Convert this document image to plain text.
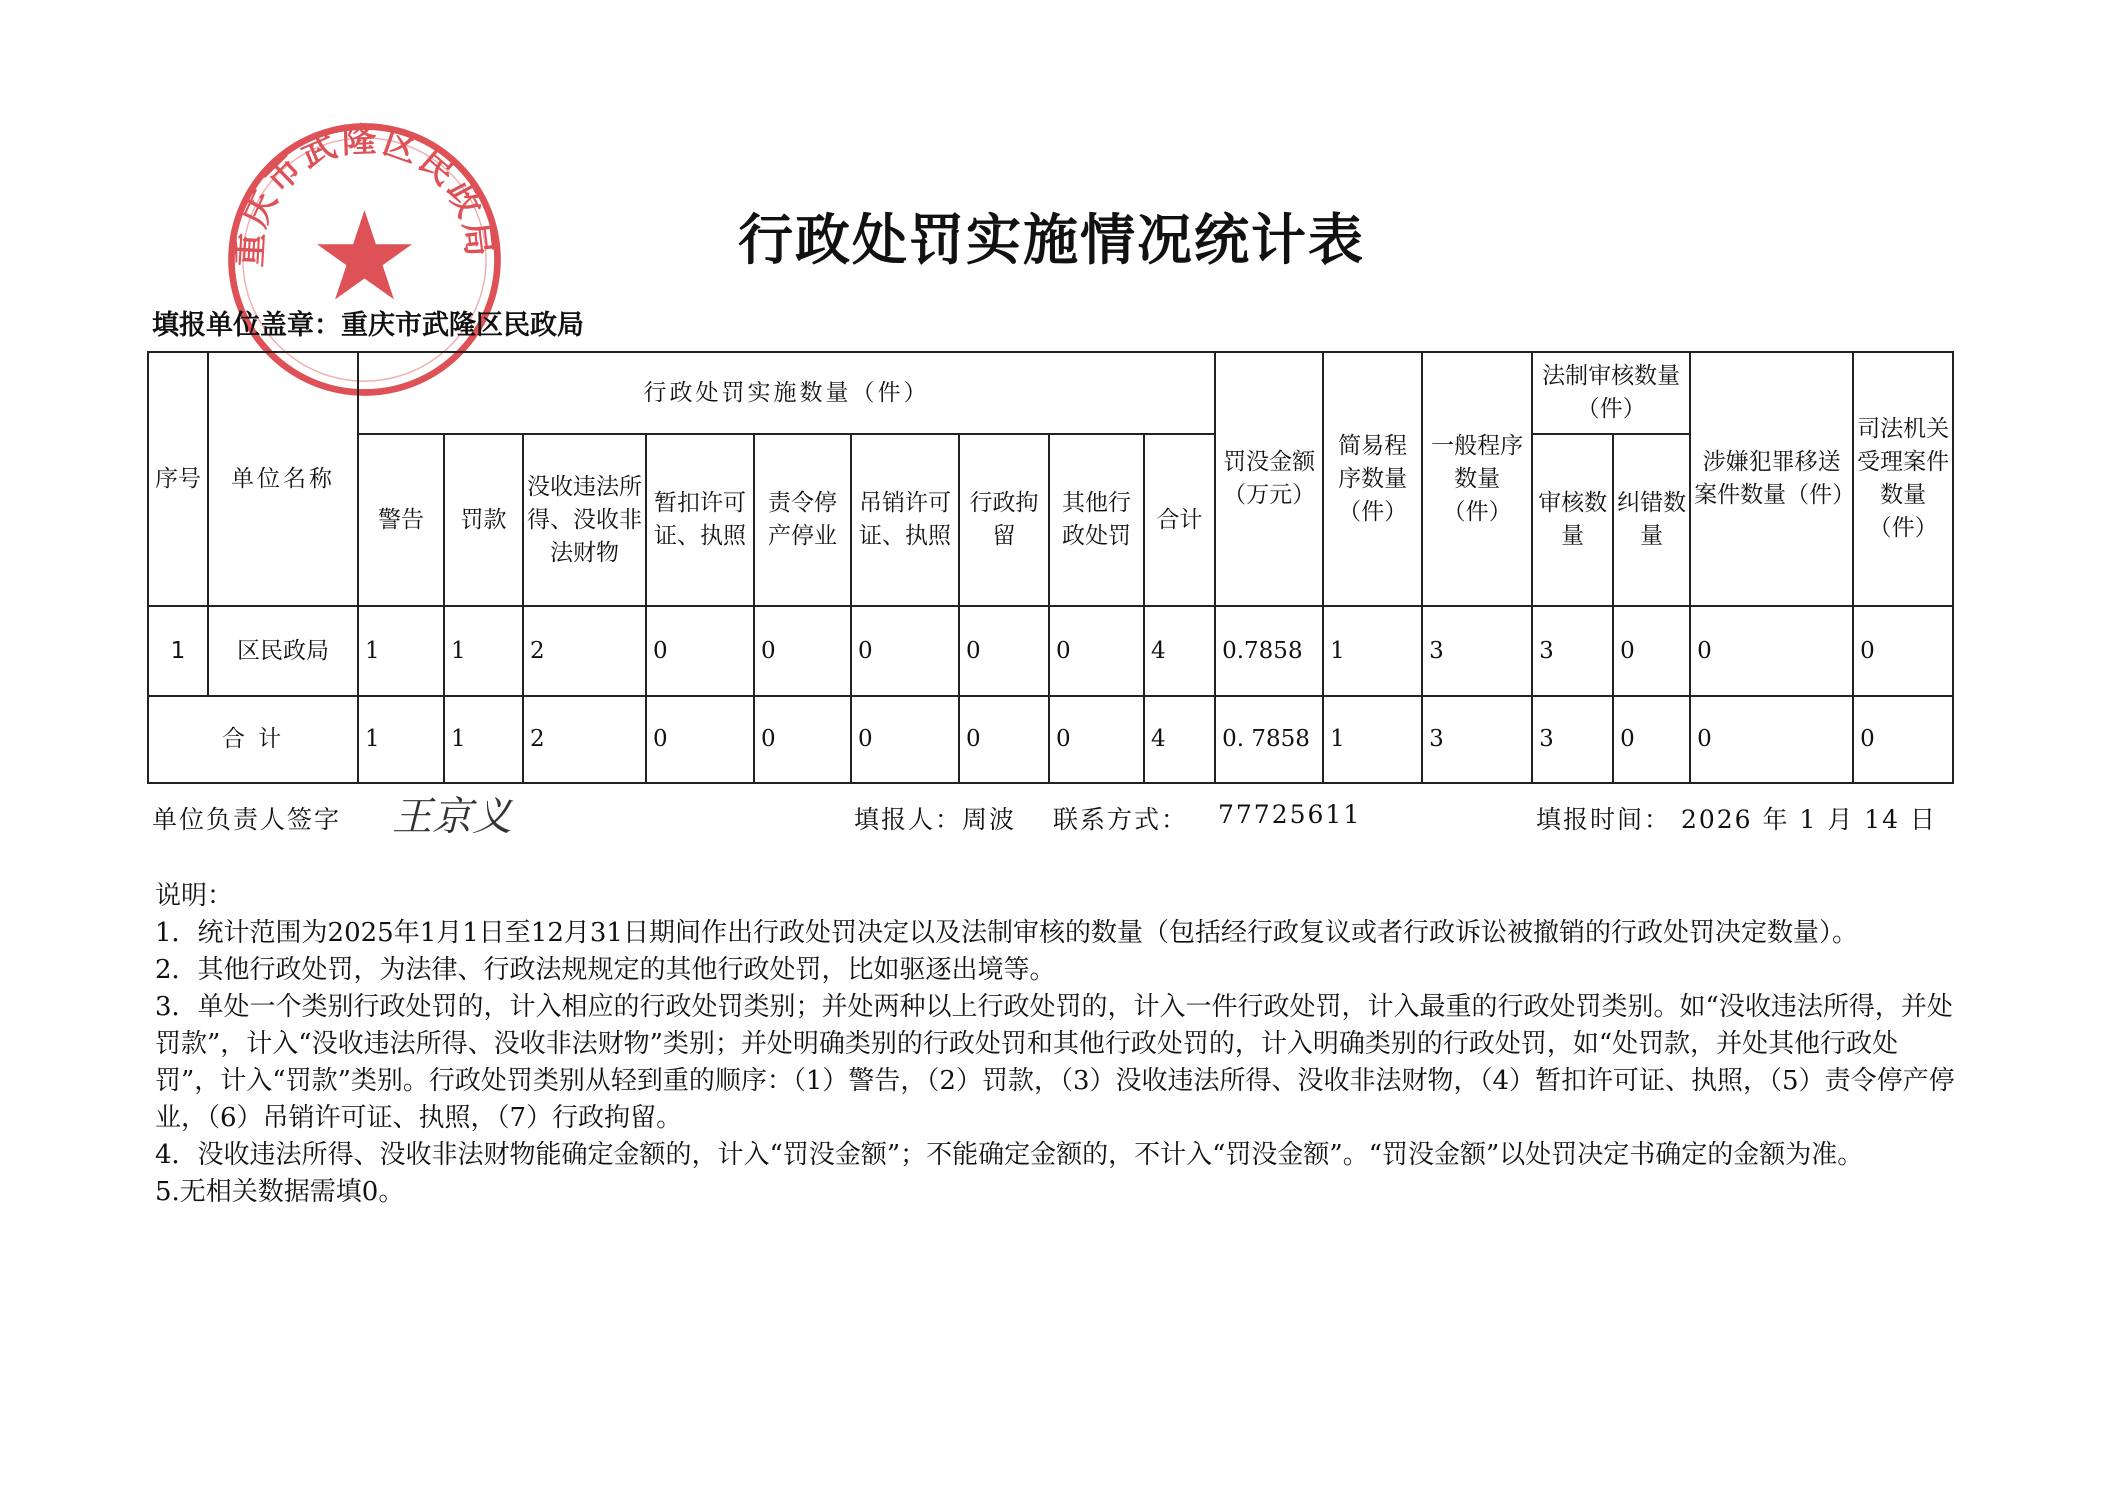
重庆市武隆区民政局	行政处罚实施情况统计表
填报单位盖章：重庆市武隆区民政局
序号	单位名称	行政处罚实施数量（件）									罚没金额（万元）	简易程序数量（件）	一般程序数量（件）	法制审核数量（件）		涉嫌犯罪移送案件数量（件）	司法机关受理案件数量（件）
		警告	罚款	没收违法所得、没收非法财物	暂扣许可证、执照	责令停产停业	吊销许可证、执照	行政拘留	其他行政处罚	合计				审核数量	纠错数量		
1	区民政局	1	1	2	0	0	0	0	0	4	0.7858	1	3	3	0	0	0
合 计		1	1	2	0	0	0	0	0	4	0. 7858	1	3	3	0	0	0
单位负责人签字	填报人：周波 联系方式： 77725611	填报时间： 2026 年 1 月 14 日
王京义
说明：
1．统计范围为2025年1月1日至12月31日期间作出行政处罚决定以及法制审核的数量（包括经行政复议或者行政诉讼被撤销的行政处罚决定数量）。
2．其他行政处罚，为法律、行政法规规定的其他行政处罚，比如驱逐出境等。
3．单处一个类别行政处罚的，计入相应的行政处罚类别；并处两种以上行政处罚的，计入一件行政处罚，计入最重的行政处罚类别。如“没收违法所得，并处罚款”，计入“没收违法所得、没收非法财物”类别；并处明确类别的行政处罚和其他行政处罚的，计入明确类别的行政处罚，如“处罚款，并处其他行政处罚”，计入“罚款”类别。行政处罚类别从轻到重的顺序：（1）警告，（2）罚款，（3）没收违法所得、没收非法财物，（4）暂扣许可证、执照，（5）责令停产停业，（6）吊销许可证、执照，（7）行政拘留。
4．没收违法所得、没收非法财物能确定金额的，计入“罚没金额”；不能确定金额的，不计入“罚没金额”。“罚没金额”以处罚决定书确定的金额为准。
5.无相关数据需填0。
